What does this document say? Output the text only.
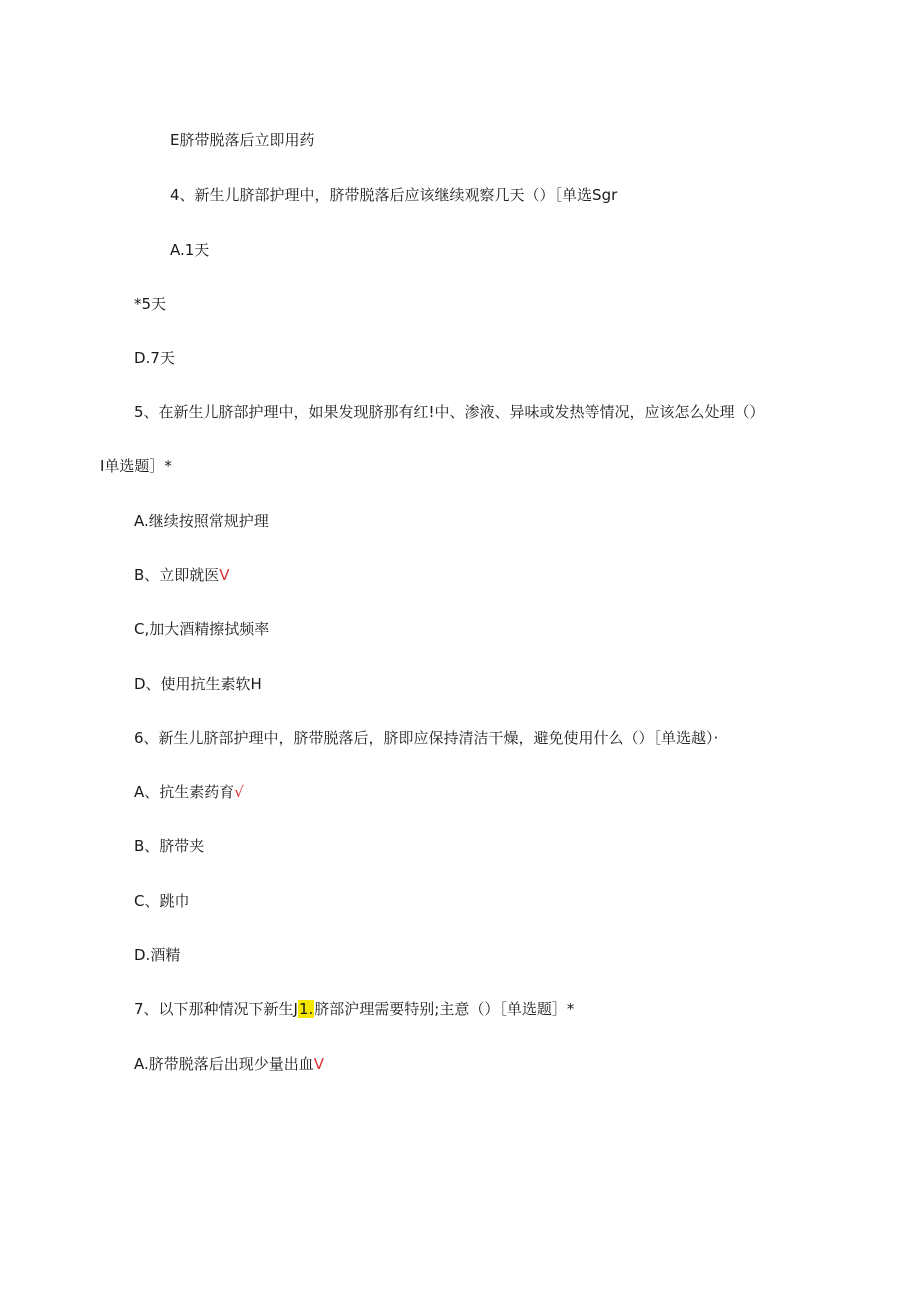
E脐带脱落后立即用药
4、新生儿脐部护理中，脐带脱落后应该继续观察几天（）［单选Sgr
A.1天
*5天
D.7天
5、在新生儿脐部护理中，如果发现脐那有红!中、渗液、异味或发热等情况，应该怎么处理（）
I单选题］*
A.继续按照常规护理
B、立即就医V
C,加大酒精擦拭频率
D、使用抗生素软H
6、新生儿脐部护理中，脐带脱落后，脐即应保持清洁干燥，避免使用什么（）［单选越）·
A、抗生素药育√
B、脐带夹
C、跳巾
D.酒精
7、以下那种情况下新生J1.脐部沪理需要特别;主意（）［单选题］*
A.脐带脱落后出现少量出血V
